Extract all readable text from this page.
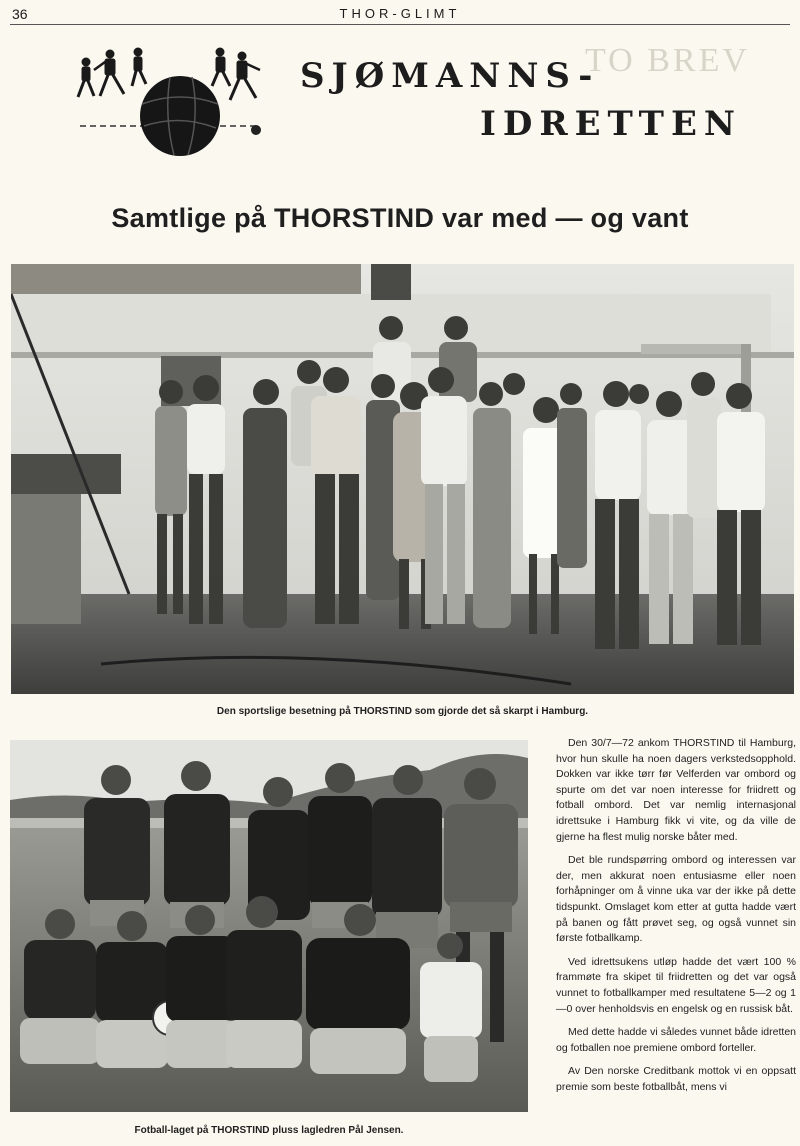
36	THOR-GLIMT
TO BREV
SJØMANNS-
IDRETTEN
Samtlige på THORSTIND var med — og vant
Den sportslige besetning på THORSTIND som gjorde det så skarpt i Hamburg.
Fotball-laget på THORSTIND pluss lagledren Pål Jensen.

Den 30/7—72 ankom THORSTIND til Hamburg, hvor hun skulle ha noen dagers verkstedsopphold. Dokken var ikke tørr før Velferden var ombord og spurte om det var noen interesse for friidrett og fotball ombord. Det var nemlig internasjonal idrettsuke i Hamburg fikk vi vite, og da ville de gjerne ha flest mulig norske båter med.

Det ble rundspørring ombord og interessen var der, men akkurat noen entusiasme eller noen forhåpninger om å vinne uka var der ikke på dette tidspunkt. Omslaget kom etter at gutta hadde vært på banen og fått prøvet seg, og også vunnet sin første fotballkamp.

Ved idrettsukens utløp hadde det vært 100 % frammøte fra skipet til friidretten og det var også vunnet to fotballkamper med resultatene 5—2 og 1—0 over henholdsvis en engelsk og en russisk båt.

Med dette hadde vi således vunnet både idretten og fotballen noe premiene ombord forteller.

Av Den norske Creditbank mottok vi en oppsatt premie som beste fotballbåt, mens vi
